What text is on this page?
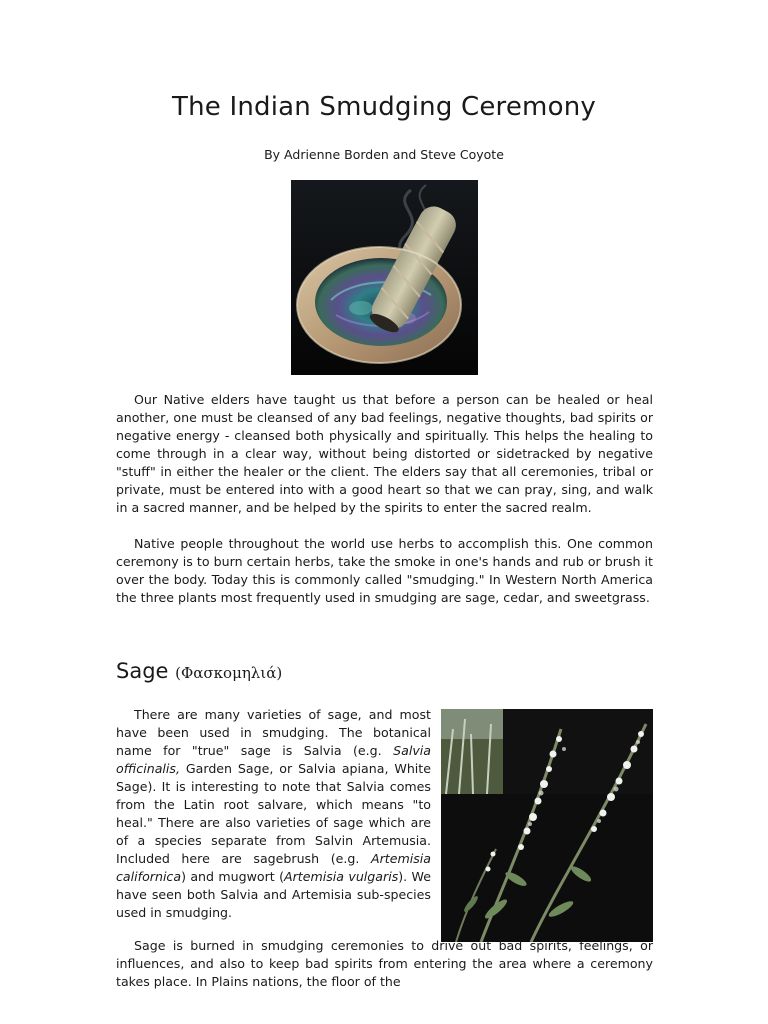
The Indian Smudging Ceremony
By Adrienne Borden and Steve Coyote

Our Native elders have taught us that before a person can be healed or heal another, one must be cleansed of any bad feelings, negative thoughts, bad spirits or negative energy - cleansed both physically and spiritually. This helps the healing to come through in a clear way, without being distorted or sidetracked by negative "stuff" in either the healer or the client. The elders say that all ceremonies, tribal or private, must be entered into with a good heart so that we can pray, sing, and walk in a sacred manner, and be helped by the spirits to enter the sacred realm.

Native people throughout the world use herbs to accomplish this. One common ceremony is to burn certain herbs, take the smoke in one's hands and rub or brush it over the body. Today this is commonly called "smudging." In Western North America the three plants most frequently used in smudging are sage, cedar, and sweetgrass.

Sage (Φασκομηλιά)

There are many varieties of sage, and most have been used in smudging. The botanical name for "true" sage is Salvia (e.g. Salvia officinalis, Garden Sage, or Salvia apiana, White Sage). It is interesting to note that Salvia comes from the Latin root salvare, which means "to heal." There are also varieties of sage which are of a species separate from Salvin Artemusia. Included here are sagebrush (e.g. Artemisia californica) and mugwort (Artemisia vulgaris). We have seen both Salvia and Artemisia sub-species used in smudging.

Sage is burned in smudging ceremonies to drive out bad spirits, feelings, or influences, and also to keep bad spirits from entering the area where a ceremony takes place. In Plains nations, the floor of the
